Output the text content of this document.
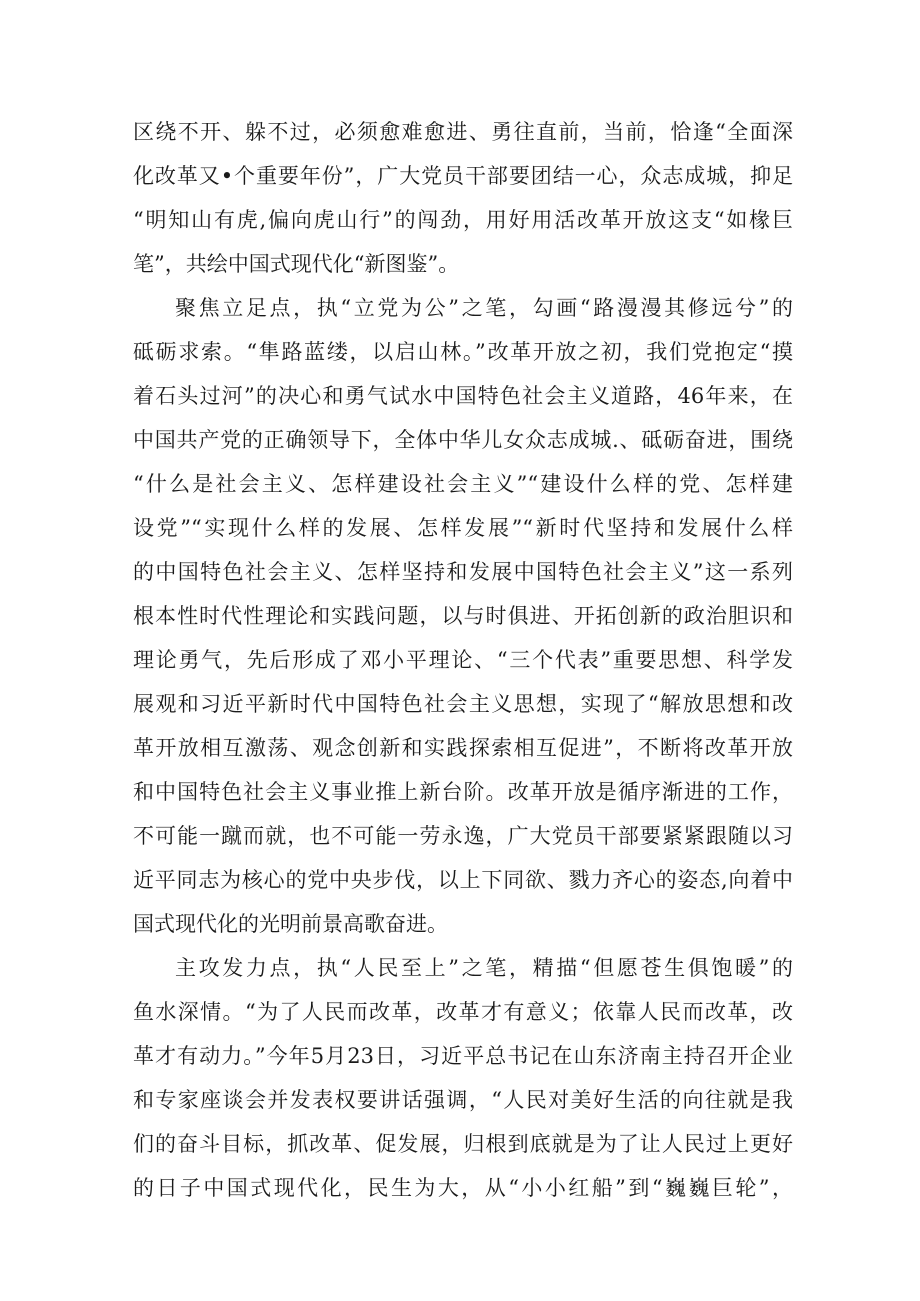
区绕不开、躲不过，必须愈难愈进、勇往直前，当前，恰逢“全面深
化改革又•个重要年份”，广大党员干部要团结一心，众志成城，抑足
“明知山有虎,偏向虎山行”的闯劲，用好用活改革开放这支“如椽巨
笔”，共绘中国式现代化“新图鉴”。
聚焦立足点，执“立党为公”之笔，勾画“路漫漫其修远兮”的
砥砺求索。“隼路蓝缕，以启山林。”改革开放之初，我们党抱定“摸
着石头过河”的决心和勇气试水中国特色社会主义道路，46年来，在
中国共产党的正确领导下，全体中华儿女众志成城.、砥砺奋进，围绕
“什么是社会主义、怎样建设社会主义”“建设什么样的党、怎样建
设党”“实现什么样的发展、怎样发展”“新时代坚持和发展什么样
的中国特色社会主义、怎样坚持和发展中国特色社会主义”这一系列
根本性时代性理论和实践问题，以与时俱进、开拓创新的政治胆识和
理论勇气，先后形成了邓小平理论、“三个代表”重要思想、科学发
展观和习近平新时代中国特色社会主义思想，实现了“解放思想和改
革开放相互激荡、观念创新和实践探索相互促进”，不断将改革开放
和中国特色社会主义事业推上新台阶。改革开放是循序渐进的工作，
不可能一蹴而就，也不可能一劳永逸，广大党员干部要紧紧跟随以习
近平同志为核心的党中央步伐，以上下同欲、戮力齐心的姿态,向着中
国式现代化的光明前景高歌奋进。
主攻发力点，执“人民至上”之笔，精描“但愿苍生俱饱暖”的
鱼水深情。“为了人民而改革，改革才有意义；依靠人民而改革，改
革才有动力。”今年5月23日，习近平总书记在山东济南主持召开企业
和专家座谈会并发表权要讲话强调，“人民对美好生活的向往就是我
们的奋斗目标，抓改革、促发展，归根到底就是为了让人民过上更好
的日子中国式现代化，民生为大，从“小小红船”到“巍巍巨轮”，
